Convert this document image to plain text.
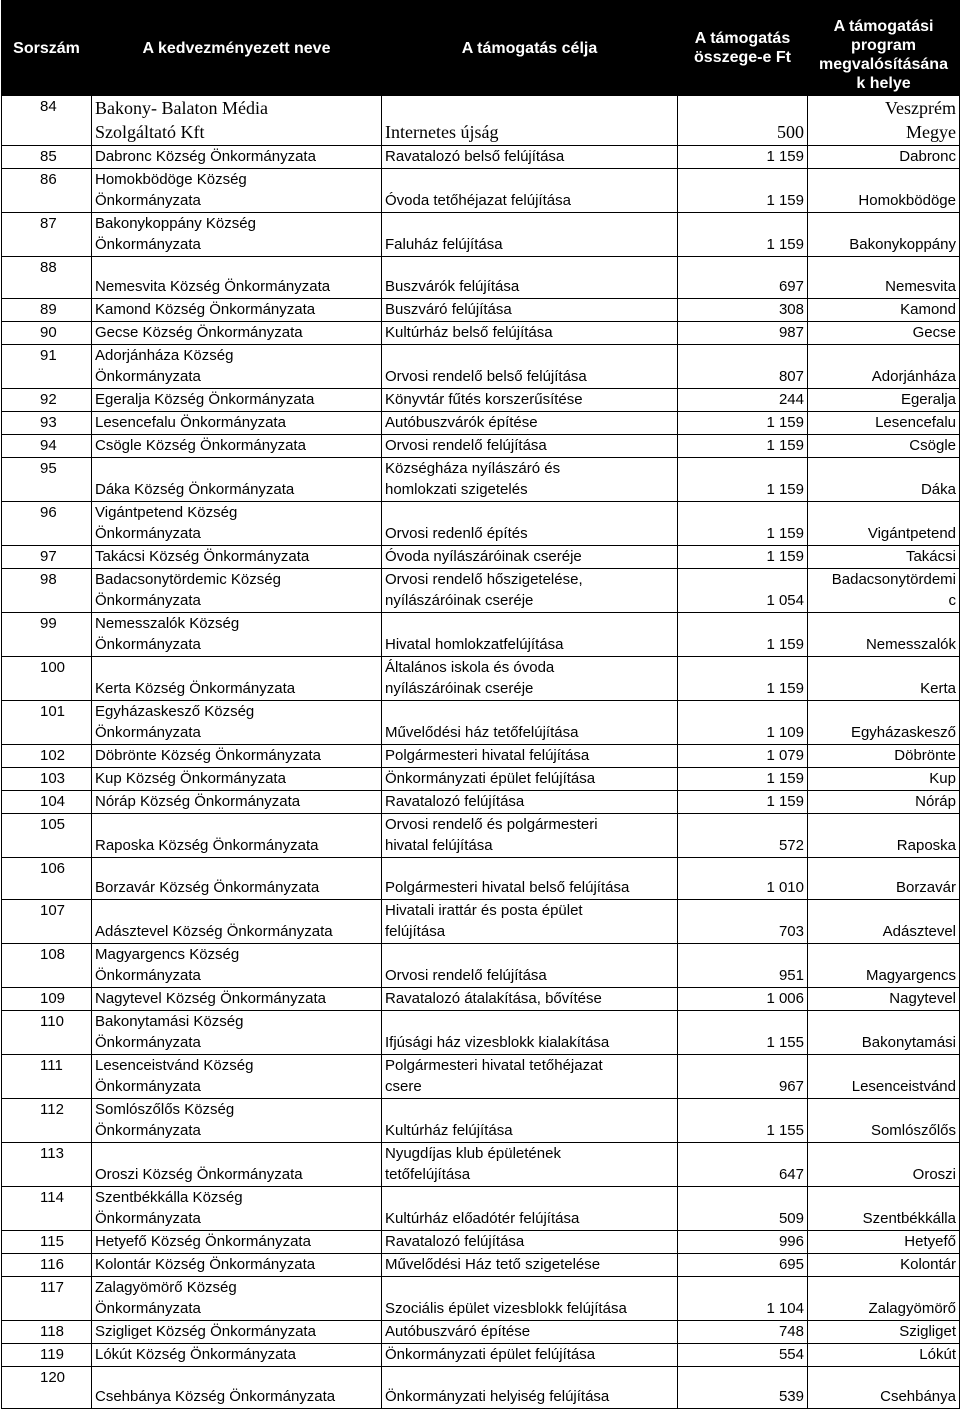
Sorszám	A kedvezményezett neve	A támogatás célja	A támogatás
összege-e Ft	A támogatási
program
megvalósításána
k helye
84	Bakony- Balaton Média
Szolgáltató Kft	Internetes újság	500	Veszprém
Megye
85	Dabronc Község Önkormányzata	Ravatalozó belső felújítása	1 159	Dabronc
86	Homokbödöge Község
Önkormányzata	Óvoda tetőhéjazat felújítása	1 159	Homokbödöge
87	Bakonykoppány Község
Önkormányzata	Faluház felújítása	1 159	Bakonykoppány
88	Nemesvita Község Önkormányzata	Buszvárók felújítása	697	Nemesvita
89	Kamond Község Önkormányzata	Buszváró felújítása	308	Kamond
90	Gecse Község Önkormányzata	Kultúrház belső felújítása	987	Gecse
91	Adorjánháza Község
Önkormányzata	Orvosi rendelő belső felújítása	807	Adorjánháza
92	Egeralja Község Önkormányzata	Könyvtár fűtés korszerűsítése	244	Egeralja
93	Lesencefalu Önkormányzata	Autóbuszvárók építése	1 159	Lesencefalu
94	Csögle Község Önkormányzata	Orvosi rendelő felújítása	1 159	Csögle
95	Dáka Község Önkormányzata	Községháza nyílászáró és
homlokzati szigetelés	1 159	Dáka
96	Vigántpetend Község
Önkormányzata	Orvosi redenlő építés	1 159	Vigántpetend
97	Takácsi Község Önkormányzata	Óvoda nyílászáróinak cseréje	1 159	Takácsi
98	Badacsonytördemic Község
Önkormányzata	Orvosi rendelő hőszigetelése,
nyílászáróinak cseréje	1 054	Badacsonytördemi
c
99	Nemesszalók Község
Önkormányzata	Hivatal homlokzatfelújítása	1 159	Nemesszalók
100	Kerta Község Önkormányzata	Általános iskola és óvoda
nyílászáróinak cseréje	1 159	Kerta
101	Egyházaskesző Község
Önkormányzata	Művelődési ház tetőfelújítása	1 109	Egyházaskesző
102	Döbrönte Község Önkormányzata	Polgármesteri hivatal felújítása	1 079	Döbrönte
103	Kup Község Önkormányzata	Önkormányzati épület felújítása	1 159	Kup
104	Nóráp Község Önkormányzata	Ravatalozó felújítása	1 159	Nóráp
105	Raposka Község Önkormányzata	Orvosi rendelő és polgármesteri
hivatal felújítása	572	Raposka
106	Borzavár Község Önkormányzata	Polgármesteri hivatal belső felújítása	1 010	Borzavár
107	Adásztevel Község Önkormányzata	Hivatali irattár és posta épület
felújítása	703	Adásztevel
108	Magyargencs Község
Önkormányzata	Orvosi rendelő felújítása	951	Magyargencs
109	Nagytevel Község Önkormányzata	Ravatalozó átalakítása, bővítése	1 006	Nagytevel
110	Bakonytamási Község
Önkormányzata	Ifjúsági ház vizesblokk kialakítása	1 155	Bakonytamási
111	Lesenceistvánd Község
Önkormányzata	Polgármesteri hivatal tetőhéjazat
csere	967	Lesenceistvánd
112	Somlószőlős Község
Önkormányzata	Kultúrház felújítása	1 155	Somlószőlős
113	Oroszi Község Önkormányzata	Nyugdíjas klub épületének
tetőfelújítása	647	Oroszi
114	Szentbékkálla Község
Önkormányzata	Kultúrház előadótér felújítása	509	Szentbékkálla
115	Hetyefő Község Önkormányzata	Ravatalozó felújítása	996	Hetyefő
116	Kolontár Község Önkormányzata	Művelődési Ház tető szigetelése	695	Kolontár
117	Zalagyömörő Község
Önkormányzata	Szociális épület vizesblokk felújítása	1 104	Zalagyömörő
118	Szigliget Község Önkormányzata	Autóbuszváró építése	748	Szigliget
119	Lókút Község Önkormányzata	Önkormányzati épület felújítása	554	Lókút
120	Csehbánya Község Önkormányzata	Önkormányzati helyiség felújítása	539	Csehbánya
